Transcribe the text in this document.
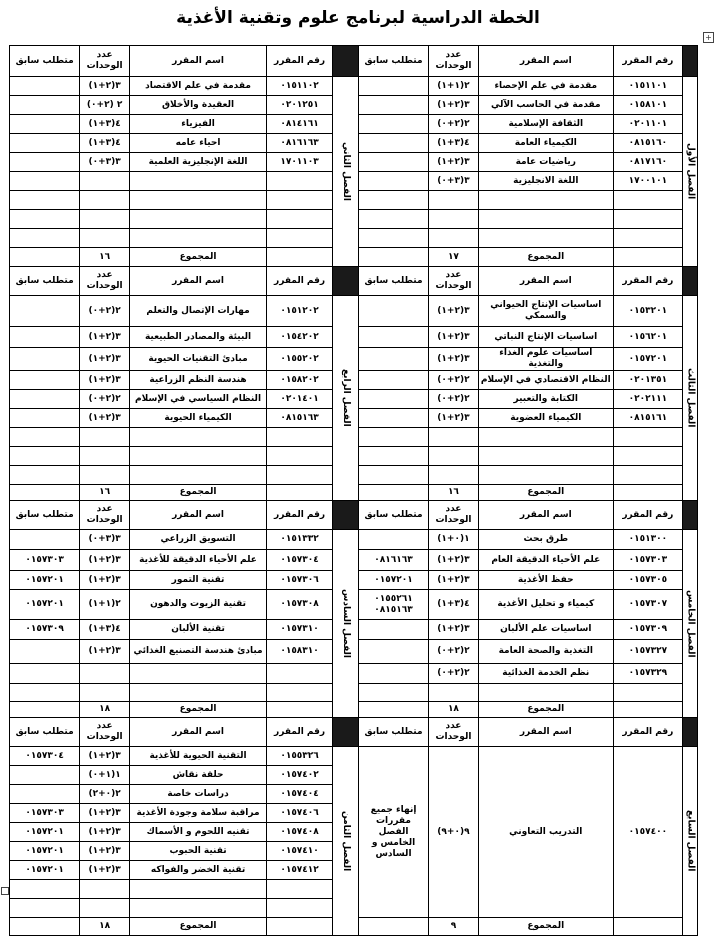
الخطة الدراسية لبرنامج علوم وتقنية الأغذية
+
	رقم المقرر	اسم المقرر	عدد الوحدات	متطلب سابق		رقم المقرر	اسم المقرر	عدد الوحدات	متطلب سابق
الفصل الأول	٠١٥١١٠١	مقدمة في علم الإحصاء	٢(١+١)		الفصل الثاني	٠١٥١١٠٢	مقدمة في علم الاقتصاد	٣(٢+١)	
	٠١٥٨١٠١	مقدمة في الحاسب الآلي	٣(٢+١)			٠٢٠١٢٥١	العقيدة والأخلاق	٢ (٢+٠)	
	٠٢٠١١٠١	الثقافة الإسلامية	٢(٢+٠)			٠٨١٤١٦١	الفيزياء	٤(٣+١)	
	٠٨١٥١٦٠	الكيمياء العامة	٤(٣+١)			٠٨١٦١٦٣	احياء عامه	٤(٣+١)	
	٠٨١٧١٦٠	رياضيات عامة	٣(٢+١)			١٧٠١١٠٣	اللغة الإنجليزية العلمية	٣(٣+٠)	
	١٧٠٠١٠١	اللغة الانجليزية	٣(٣+٠)						

		المجموع	١٧				المجموع	١٦	
	رقم المقرر	اسم المقرر	عدد الوحدات	متطلب سابق		رقم المقرر	اسم المقرر	عدد الوحدات	متطلب سابق
الفصل الثالث	٠١٥٣٢٠١	اساسيات الإنتاج الحيواني والسمكي	٣(٢+١)		الفصل الرابع	٠١٥١٢٠٢	مهارات الإتصال والتعلم	٢(٢+٠)	
	٠١٥٦٢٠١	اساسيات الإنتاج النباتي	٣(٢+١)			٠١٥٤٢٠٢	البيئة والمصادر الطبيعية	٣(٢+١)	
	٠١٥٧٢٠١	اساسيات علوم الغذاء والتغذية	٣(٢+١)			٠١٥٥٢٠٢	مبادئ التقنيات الحيوية	٣(٢+١)	
	٠٢٠١٣٥١	النظام الاقتصادي في الإسلام	٢(٢+٠)			٠١٥٨٢٠٢	هندسة النظم الزراعية	٣(٢+١)	
	٠٢٠٢١١١	الكتابة والتعبير	٢(٢+٠)			٠٢٠١٤٠١	النظام السياسي في الإسلام	٢(٢+٠)	
	٠٨١٥١٦١	الكيمياء العضوية	٣(٢+١)			٠٨١٥١٦٣	الكيمياء الحيوية	٣(٢+١)	

		المجموع	١٦				المجموع	١٦	
	رقم المقرر	اسم المقرر	عدد الوحدات	متطلب سابق		رقم المقرر	اسم المقرر	عدد الوحدات	متطلب سابق
الفصل الخامس	٠١٥١٣٠٠	طرق بحث	١(٠+١)		الفصل السادس	٠١٥١٣٣٢	التسويق الزراعي	٣(٣+٠)	
	٠١٥٧٣٠٣	علم الأحياء الدقيقة العام	٣(٢+١)	٠٨١٦١٦٣		٠١٥٧٣٠٤	علم الأحياء الدقيقة للأغذية	٣(٢+١)	٠١٥٧٣٠٣
	٠١٥٧٣٠٥	حفظ الأغذية	٣(٢+١)	٠١٥٧٢٠١		٠١٥٧٣٠٦	تقنية التمور	٣(٢+١)	٠١٥٧٢٠١
	٠١٥٧٣٠٧	كيمياء و تحليل الأغذية	٤(٣+١)	٠١٥٥٢٦١ ٠٨١٥١٦٣		٠١٥٧٣٠٨	تقنية الزيوت والدهون	٢(١+١)	٠١٥٧٢٠١
	٠١٥٧٣٠٩	اساسيات علم الألبان	٣(٢+١)			٠١٥٧٣١٠	تقنية الألبان	٤(٣+١)	٠١٥٧٣٠٩
	٠١٥٧٣٢٧	التغذية والصحة العامة	٢(٢+٠)			٠١٥٨٣١٠	مبادئ هندسة التصنيع الغذائي	٣(٢+١)	
	٠١٥٧٣٢٩	نظم الخدمة الغذائية	٢(٢+٠)						

		المجموع	١٨				المجموع	١٨	
	رقم المقرر	اسم المقرر	عدد الوحدات	متطلب سابق		رقم المقرر	اسم المقرر	عدد الوحدات	متطلب سابق
الفصل السابع	٠١٥٧٤٠٠	التدريب التعاوني	٩(٠+٩)	إنهاء جميع مقررات الفصل الخامس و السادس	الفصل الثامن	٠١٥٥٣٢٦	التقنية الحيوية للأغذية	٣(٢+١)	٠١٥٧٣٠٤
						٠١٥٧٤٠٢	حلقة نقاش	١(١+٠)	
						٠١٥٧٤٠٤	دراسات خاصة	٢(٠+٢)	
						٠١٥٧٤٠٦	مراقبة سلامة وجودة الأغذية	٣(٢+١)	٠١٥٧٣٠٣
						٠١٥٧٤٠٨	تقنيه اللحوم و الأسماك	٣(٢+١)	٠١٥٧٢٠١
						٠١٥٧٤١٠	تقنية الحبوب	٣(٢+١)	٠١٥٧٢٠١
						٠١٥٧٤١٢	تقنية الخضر والفواكه	٣(٢+١)	٠١٥٧٢٠١

		المجموع	٩				المجموع	١٨	
